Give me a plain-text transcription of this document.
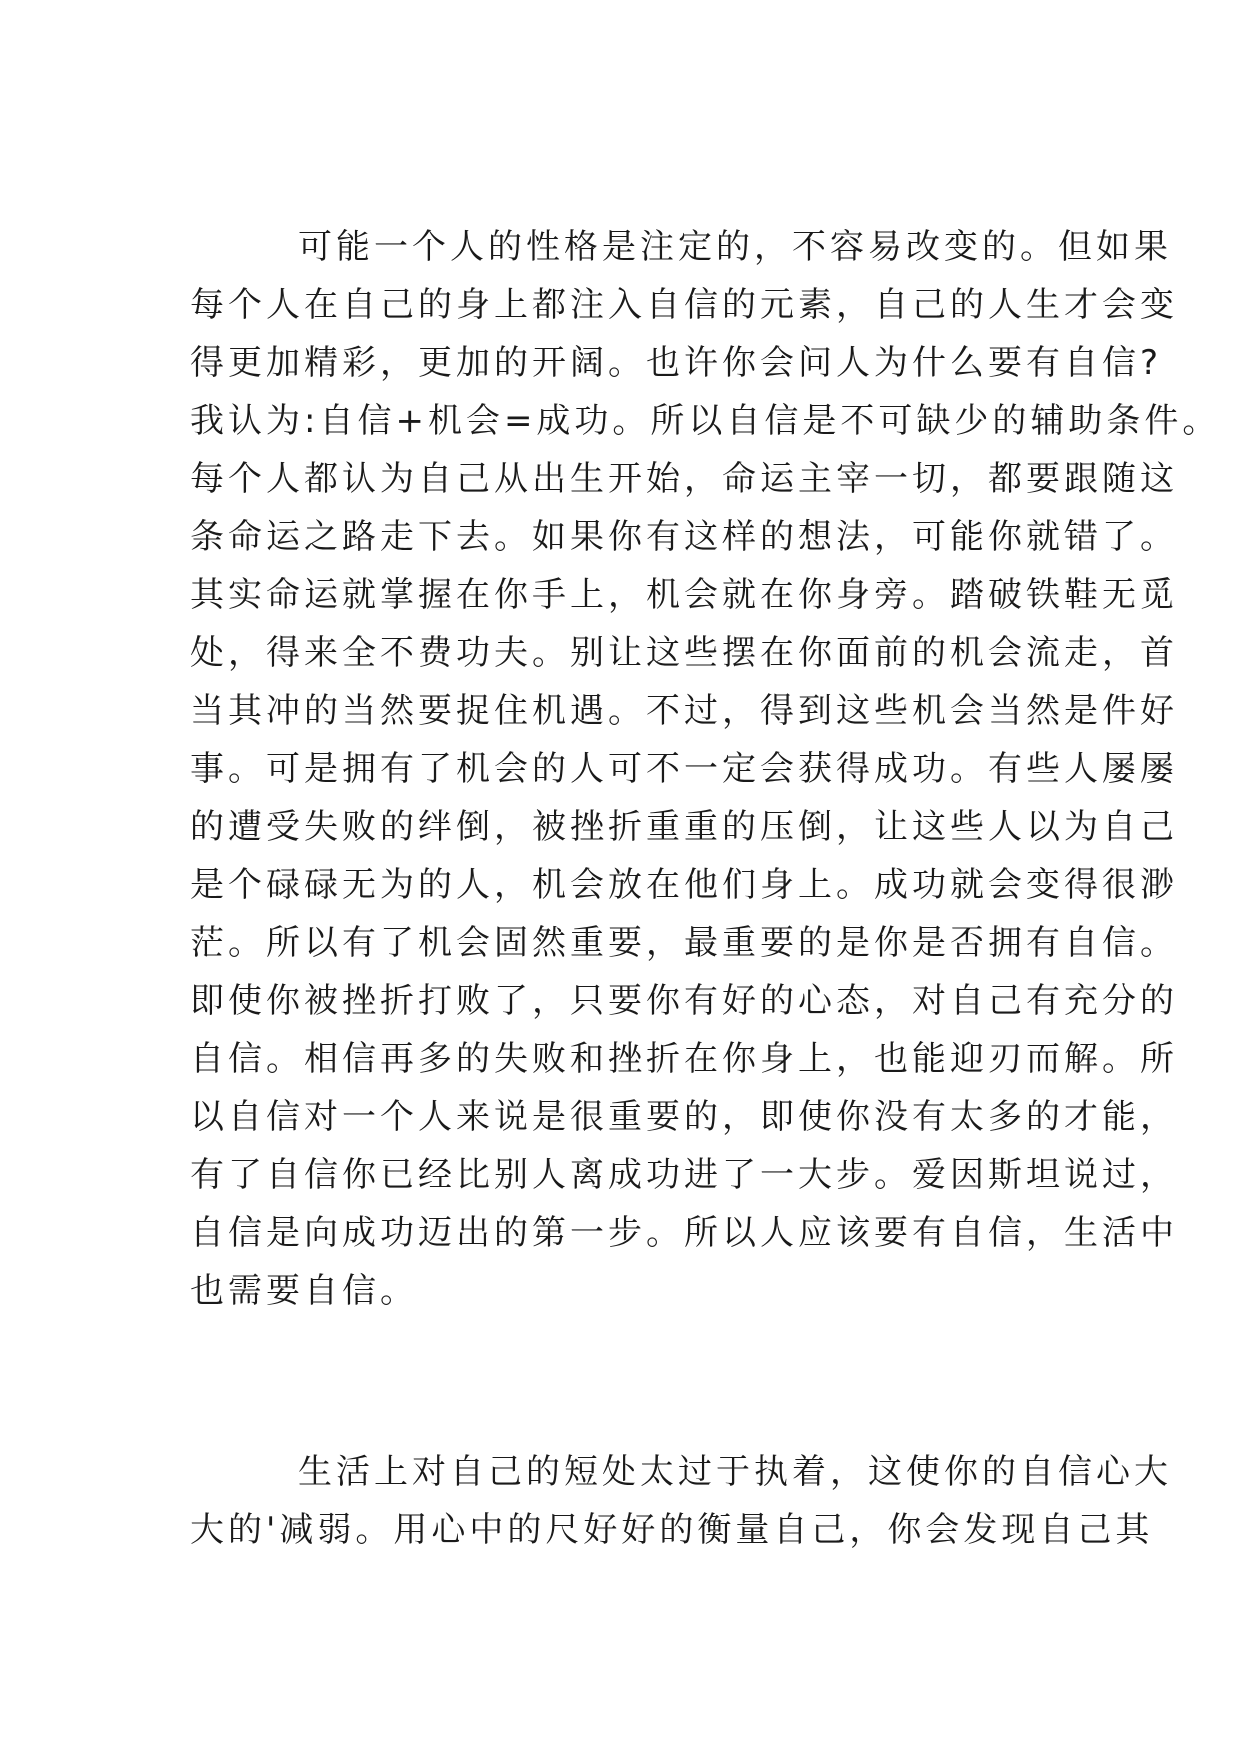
可能一个人的性格是注定的，不容易改变的。但如果
每个人在自己的身上都注入自信的元素，自己的人生才会变
得更加精彩，更加的开阔。也许你会问人为什么要有自信?
我认为:自信+机会=成功。所以自信是不可缺少的辅助条件。
每个人都认为自己从出生开始，命运主宰一切，都要跟随这
条命运之路走下去。如果你有这样的想法，可能你就错了。
其实命运就掌握在你手上，机会就在你身旁。踏破铁鞋无觅
处，得来全不费功夫。别让这些摆在你面前的机会流走，首
当其冲的当然要捉住机遇。不过，得到这些机会当然是件好
事。可是拥有了机会的人可不一定会获得成功。有些人屡屡
的遭受失败的绊倒，被挫折重重的压倒，让这些人以为自己
是个碌碌无为的人，机会放在他们身上。成功就会变得很渺
茫。所以有了机会固然重要，最重要的是你是否拥有自信。
即使你被挫折打败了，只要你有好的心态，对自己有充分的
自信。相信再多的失败和挫折在你身上，也能迎刃而解。所
以自信对一个人来说是很重要的，即使你没有太多的才能，
有了自信你已经比别人离成功进了一大步。爱因斯坦说过，
自信是向成功迈出的第一步。所以人应该要有自信，生活中
也需要自信。
生活上对自己的短处太过于执着，这使你的自信心大
大的'减弱。用心中的尺好好的衡量自己，你会发现自己其
